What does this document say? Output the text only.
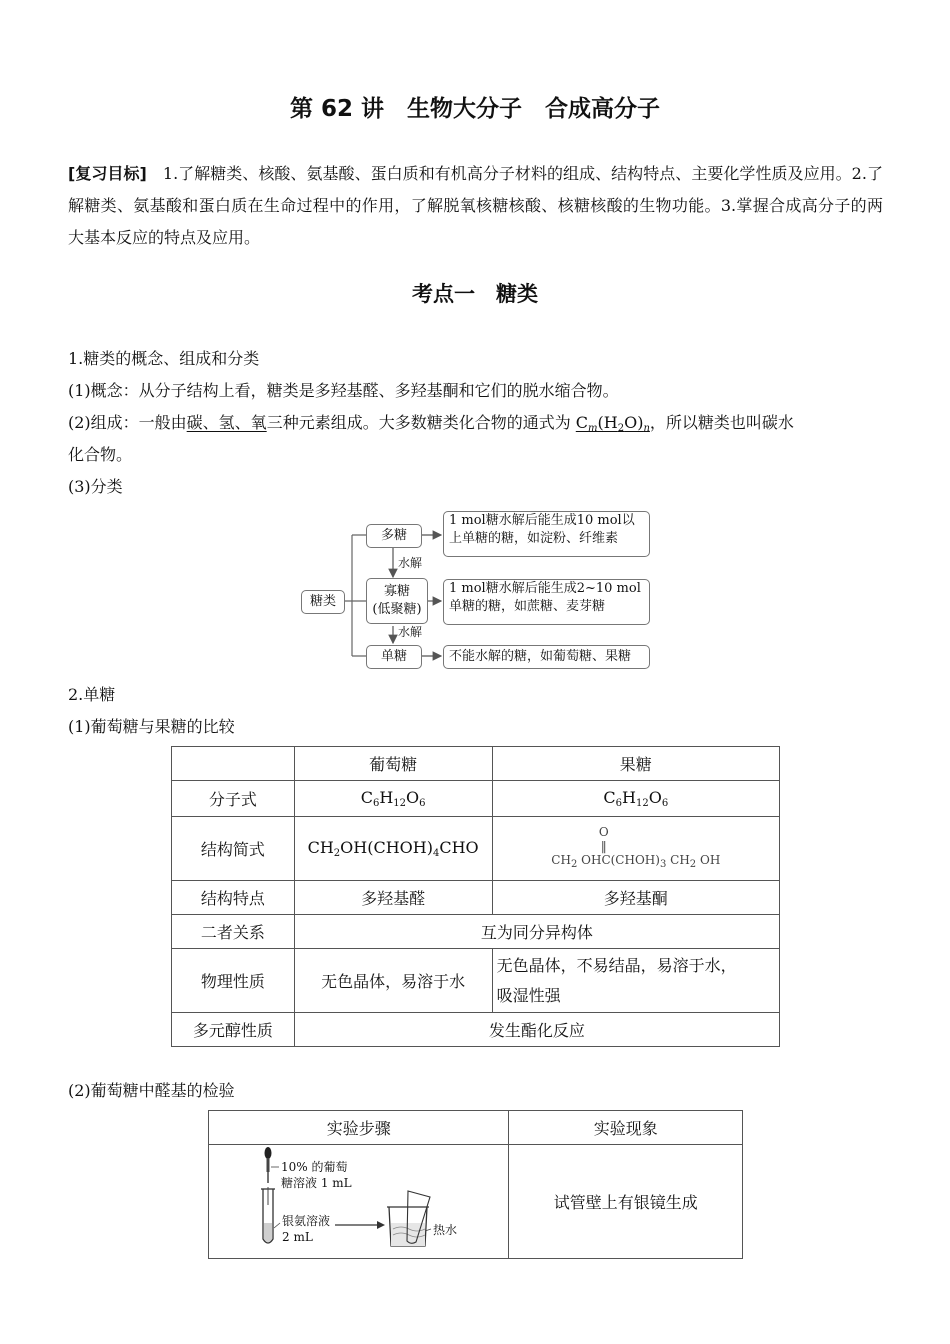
第 62 讲　生物大分子　合成高分子
[复习目标]　1.了解糖类、核酸、氨基酸、蛋白质和有机高分子材料的组成、结构特点、主要化学性质及应用。2.了解糖类、氨基酸和蛋白质在生命过程中的作用，了解脱氧核糖核酸、核糖核酸的生物功能。3.掌握合成高分子的两大基本反应的特点及应用。
考点一　糖类
1.糖类的概念、组成和分类
(1)概念：从分子结构上看，糖类是多羟基醛、多羟基酮和它们的脱水缩合物。
(2)组成：一般由碳、氢、氧三种元素组成。大多数糖类化合物的通式为 $C_m(H_2O)_n$，所以糖类也叫碳水
化合物。
(3)分类
糖类
多糖
寡糖
(低聚糖)
单糖
水解
水解
1 mol糖水解后能生成10 mol以
上单糖的糖，如淀粉、纤维素
1 mol糖水解后能生成2~10 mol
单糖的糖，如蔗糖、麦芽糖
不能水解的糖，如葡萄糖、果糖
2.单糖
(1)葡萄糖与果糖的比较
	葡萄糖	果糖
分子式	$C_6H_{12}O_6$	$C_6H_{12}O_6$
结构简式	$CH_2OH(CHOH)_4CHO$	O
‖
$CH_2$ $OHC(CHOH)_3$ $CH_2$ OH

结构特点	多羟基醛	多羟基酮
二者关系	互为同分异构体	
物理性质	无色晶体，易溶于水	无色晶体，不易结晶，易溶于水，
吸湿性强

多元醇性质	发生酯化反应	
(2)葡萄糖中醛基的检验
实验步骤	实验现象

10% 的葡萄
糖溶液 1 mL
银氨溶液
2 mL 热水	试管壁上有银镜生成
